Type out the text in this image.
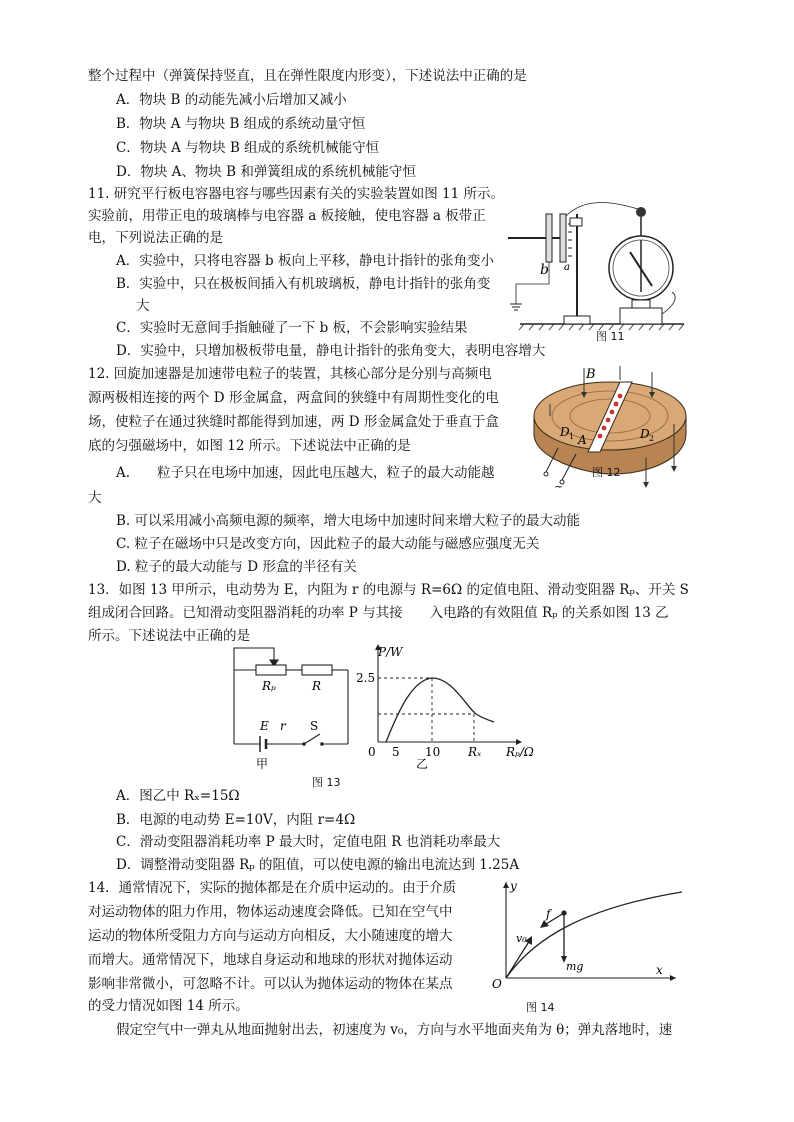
整个过程中（弹簧保持竖直，且在弹性限度内形变），下述说法中正确的是
A．物块 B 的动能先减小后增加又减小
B．物块 A 与物块 B 组成的系统动量守恒
C．物块 A 与物块 B 组成的系统机械能守恒
D．物块 A、物块 B 和弹簧组成的系统机械能守恒
11. 研究平行板电容器电容与哪些因素有关的实验装置如图 11 所示。
实验前，用带正电的玻璃棒与电容器 a 板接触，使电容器 a 板带正
电，下列说法正确的是
A．实验中，只将电容器 b 板向上平移，静电计指针的张角变小
B．实验中，只在极板间插入有机玻璃板，静电计指针的张角变
大
C．实验时无意间手指触碰了一下 b 板，不会影响实验结果
D．实验中，只增加极板带电量，静电计指针的张角变大，表明电容增大
b a
图 11
12. 回旋加速器是加速带电粒子的装置，其核心部分是分别与高频电
源两极相连接的两个 D 形金属盒，两盒间的狭缝中有周期性变化的电
场，使粒子在通过狭缝时都能得到加速，两 D 形金属盒处于垂直于盒
底的匀强磁场中，如图 12 所示。下述说法中正确的是
A.　　粒子只在电场中加速，因此电压越大，粒子的最大动能越
大
B. 可以采用减小高频电源的频率，增大电场中加速时间来增大粒子的最大动能
C. 粒子在磁场中只是改变方向，因此粒子的最大动能与磁感应强度无关
D. 粒子的最大动能与 D 形盒的半径有关
B
A
D 1	D 2
~
图 12
13．如图 13 甲所示，电动势为 E，内阻为 r 的电源与 R=6Ω 的定值电阻、滑动变阻器 Rₚ、开关 S
组成闭合回路。已知滑动变阻器消耗的功率 P 与其接　　入电路的有效阻值 Rₚ 的关系如图 13 乙
所示。下述说法中正确的是
Rₚ	R
E r S
甲
P/W
2.5
0 5 10 Rₓ Rₚ/Ω
乙
图 13
A．图乙中 Rₓ=15Ω
B．电源的电动势 E=10V，内阻 r=4Ω
C．滑动变阻器消耗功率 P 最大时，定值电阻 R 也消耗功率最大
D．调整滑动变阻器 Rₚ 的阻值，可以使电源的输出电流达到 1.25A
14．通常情况下，实际的抛体都是在介质中运动的。由于介质
对运动物体的阻力作用，物体运动速度会降低。已知在空气中
运动的物体所受阻力方向与运动方向相反，大小随速度的增大
而增大。通常情况下，地球自身运动和地球的形状对抛体运动
影响非常微小，可忽略不计。可以认为抛体运动的物体在某点
的受力情况如图 14 所示。
假定空气中一弹丸从地面抛射出去，初速度为 v₀，方向与水平地面夹角为 θ；弹丸落地时，速
y
x
O
f
v₀
mg
图 14
